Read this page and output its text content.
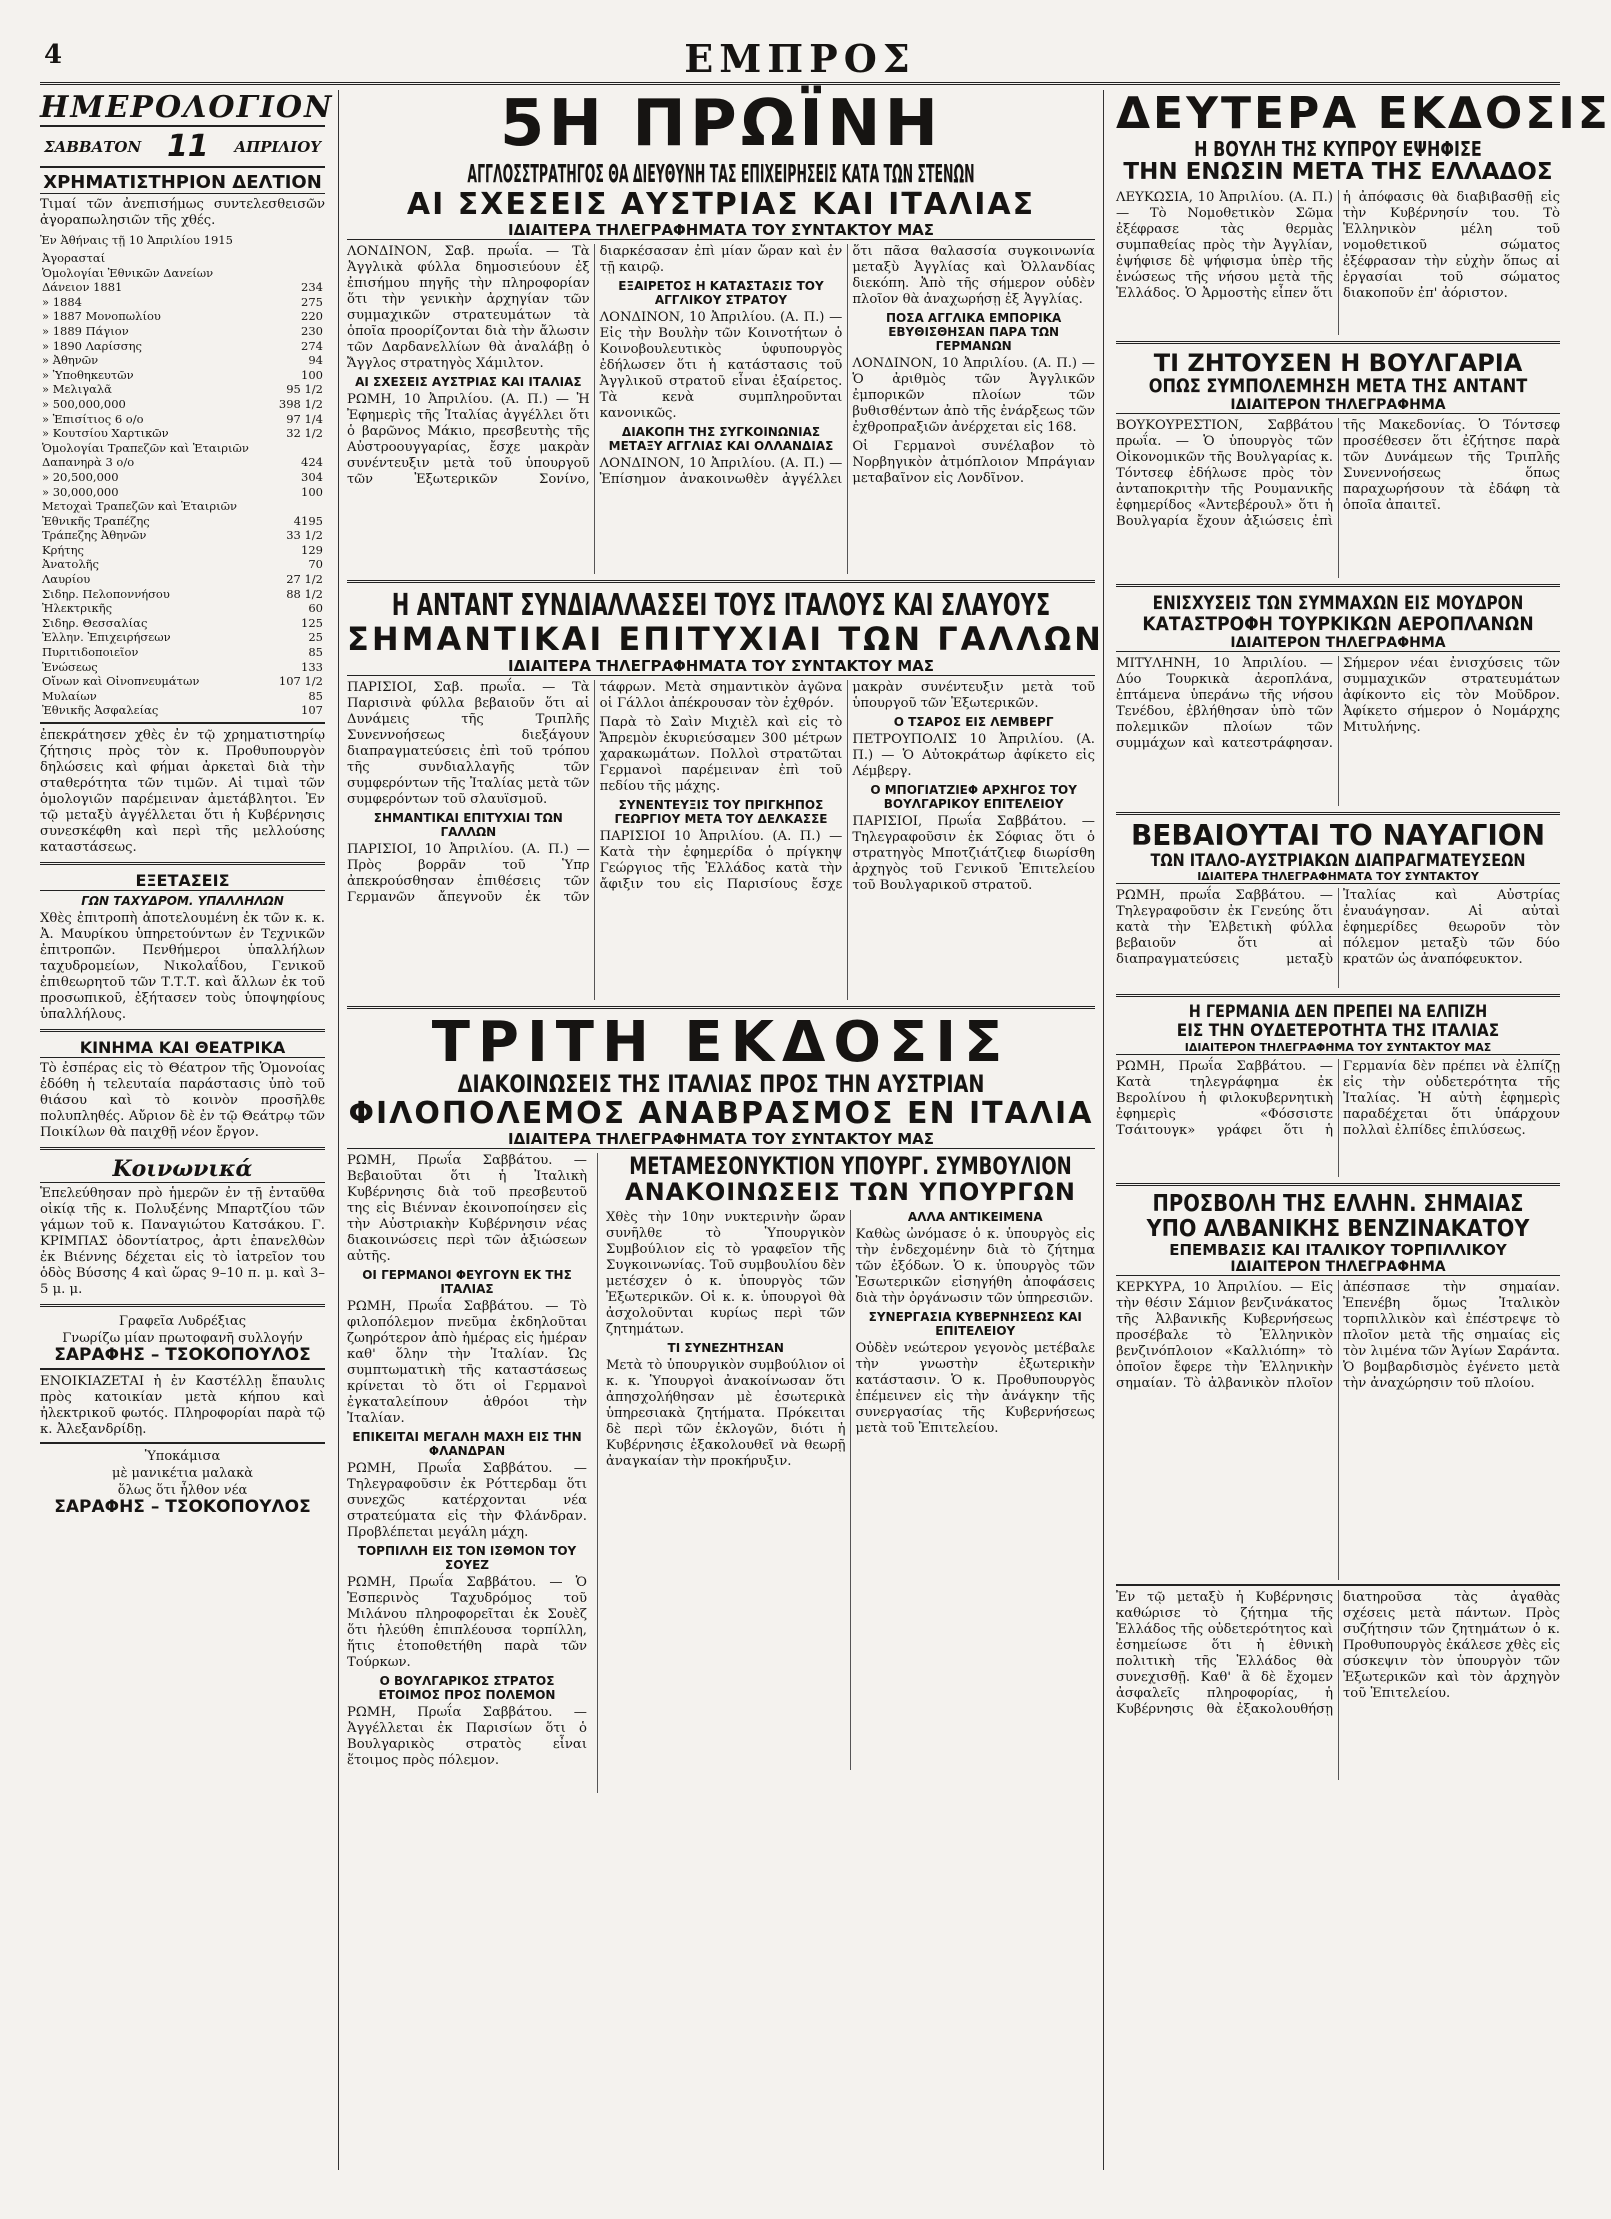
4	ΕΜΠΡΟΣ
ΗΜΕΡΟΛΟΓΙΟΝ
ΣΑΒΒΑΤΟΝ 11 ΑΠΡΙΛΙΟΥ
ΧΡΗΜΑΤΙΣΤΗΡΙΟΝ ΔΕΛΤΙΟΝ

Τιμαί τῶν ἀνεπισήμως συντελεσθεισῶν ἀγοραπωλησιῶν τῆς χθές.

Ἐν Ἀθήναις τῇ 10 Ἀπριλίου 1915

Ἀγορασταί	
Ὁμολογίαι Ἐθνικῶν Δανείων	
Δάνειον 1881	234
» 1884	275
» 1887 Μονοπωλίου	220
» 1889 Πάγιον	230
» 1890 Λαρίσσης	274
» Ἀθηνῶν	94
» Ὑποθηκευτῶν	100
» Μελιγαλᾶ	95 1/2
» 500,000,000	398 1/2
» Ἐπισίτιος 6 ο/ο	97 1/4
» Κουτσίου Χαρτικῶν	32 1/2
Ὁμολογίαι Τραπεζῶν καὶ Ἑταιριῶν	
Δαπανηρὰ 3 ο/ο	424
» 20,500,000	304
» 30,000,000	100
Μετοχαὶ Τραπεζῶν καὶ Ἑταιριῶν	
Ἐθνικῆς Τραπέζης	4195
Τράπεζης Ἀθηνῶν	33 1/2
Κρήτης	129
Ἀνατολῆς	70
Λαυρίου	27 1/2
Σιδηρ. Πελοποννήσου	88 1/2
Ἠλεκτρικῆς	60
Σιδηρ. Θεσσαλίας	125
Ἑλλην. Ἐπιχειρήσεων	25
Πυριτιδοποιεῖον	85
Ἑνώσεως	133
Οἴνων καὶ Οἰνοπνευμάτων	107 1/2
Μυλαίων	85
Ἐθνικῆς Ἀσφαλείας	107

ἐπεκράτησεν χθὲς ἐν τῷ χρηματιστηρίῳ ζήτησις πρὸς τὸν κ. Προθυπουργὸν δηλώσεις καὶ φήμαι ἀρκεταὶ διὰ τὴν σταθερότητα τῶν τιμῶν. Αἱ τιμαὶ τῶν ὁμολογιῶν παρέμειναν ἀμετάβλητοι. Ἐν τῷ μεταξὺ ἀγγέλλεται ὅτι ἡ Κυβέρνησις συνεσκέφθη καὶ περὶ τῆς μελλούσης καταστάσεως.

ΕΞΕΤΑΣΕΙΣ
ΓΩΝ ΤΑΧΥΔΡΟΜ. ΥΠΑΛΛΗΛΩΝ

Χθὲς ἐπιτροπὴ ἀποτελουμένη ἐκ τῶν κ. κ. Ἀ. Μαυρίκου ὑπηρετούντων ἐν Τεχνικῶν ἐπιτροπῶν. Πενθήμεροι ὑπαλλήλων ταχυδρομείων, Νικολαΐδου, Γενικοῦ ἐπιθεωρητοῦ τῶν Τ.Τ.Τ. καὶ ἄλλων ἐκ τοῦ προσωπικοῦ, ἐξήτασεν τοὺς ὑποψηφίους ὑπαλλήλους.

ΚΙΝΗΜΑ ΚΑΙ ΘΕΑΤΡΙΚΑ

Τὸ ἐσπέρας εἰς τὸ Θέατρον τῆς Ὁμονοίας ἐδόθη ἡ τελευταία παράστασις ὑπὸ τοῦ θιάσου καὶ τὸ κοινὸν προσῆλθε πολυπληθές. Αὔριον δὲ ἐν τῷ Θεάτρῳ τῶν Ποικίλων θὰ παιχθῇ νέον ἔργον.

Κοινωνικά

Ἑπελεύθησαν πρὸ ἡμερῶν ἐν τῇ ἐνταῦθα οἰκίᾳ τῆς κ. Πολυξένης Μπαρτζίου τῶν γάμων τοῦ κ. Παναγιώτου Κατσάκου. Γ. ΚΡΙΜΠΑΣ ὀδοντίατρος, ἀρτι ἐπανελθὼν ἐκ Βιέννης δέχεται εἰς τὸ ἰατρεῖον του ὁδὸς Βύσσης 4 καὶ ὥρας 9–10 π. μ. καὶ 3–5 μ. μ.

Γραφεῖα Λυδρέξιας
Γνωρίζω μίαν πρωτοφανῆ συλλογήν
ΣΑΡΑΦΗΣ – ΤΣΟΚΟΠΟΥΛΟΣ

ΕΝΟΙΚΙΑΖΕΤΑΙ ἡ ἐν Καστέλλῃ ἔπαυλις πρὸς κατοικίαν μετὰ κήπου καὶ ἠλεκτρικοῦ φωτός. Πληροφορίαι παρὰ τῷ κ. Ἀλεξανδρίδῃ.

Ὑποκάμισα
μὲ μανικέτια μαλακὰ
ὅλως ὅτι ἦλθον νέα
ΣΑΡΑΦΗΣ – ΤΣΟΚΟΠΟΥΛΟΣ
5Η ΠΡΩΪΝΗ
ΑΓΓΛΟΣΣΤΡΑΤΗΓΟΣ ΘΑ ΔΙΕΥΘΥΝΗ ΤΑΣ ΕΠΙΧΕΙΡΗΣΕΙΣ ΚΑΤΑ ΤΩΝ ΣΤΕΝΩΝ
ΑΙ ΣΧΕΣΕΙΣ ΑΥΣΤΡΙΑΣ ΚΑΙ ΙΤΑΛΙΑΣ
ΙΔΙΑΙΤΕΡΑ ΤΗΛΕΓΡΑΦΗΜΑΤΑ ΤΟΥ ΣΥΝΤΑΚΤΟΥ ΜΑΣ

ΛΟΝΔΙΝΟΝ, Σαβ. πρωΐα. — Τὰ Ἀγγλικὰ φύλλα δημοσιεύουν ἐξ ἐπισήμου πηγῆς τὴν πληροφορίαν ὅτι τὴν γενικὴν ἀρχηγίαν τῶν συμμαχικῶν στρατευμάτων τὰ ὁποῖα προορίζονται διὰ τὴν ἄλωσιν τῶν Δαρδανελλίων θὰ ἀναλάβῃ ὁ Ἄγγλος στρατηγὸς Χάμιλτον.

ΑΙ ΣΧΕΣΕΙΣ ΑΥΣΤΡΙΑΣ ΚΑΙ ΙΤΑΛΙΑΣ

ΡΩΜΗ, 10 Ἀπριλίου. (Α. Π.) — Ἡ Ἐφημερὶς τῆς Ἰταλίας ἀγγέλλει ὅτι ὁ βαρῶνος Μάκιο, πρεσβευτὴς τῆς Αὐστροουγγαρίας, ἔσχε μακρὰν συνέντευξιν μετὰ τοῦ ὑπουργοῦ τῶν Ἐξωτερικῶν Σονίνο, διαρκέσασαν ἐπὶ μίαν ὥραν καὶ ἐν τῇ καιρῷ.

ΕΞΑΙΡΕΤΟΣ Η ΚΑΤΑΣΤΑΣΙΣ ΤΟΥ ΑΓΓΛΙΚΟΥ ΣΤΡΑΤΟΥ

ΛΟΝΔΙΝΟΝ, 10 Ἀπριλίου. (Α. Π.) — Εἰς τὴν Βουλὴν τῶν Κοινοτήτων ὁ Κοινοβουλευτικὸς ὑφυπουργὸς ἐδήλωσεν ὅτι ἡ κατάστασις τοῦ Ἀγγλικοῦ στρατοῦ εἶναι ἐξαίρετος. Τὰ κενὰ συμπληροῦνται κανονικῶς.

ΔΙΑΚΟΠΗ ΤΗΣ ΣΥΓΚΟΙΝΩΝΙΑΣ ΜΕΤΑΞΥ ΑΓΓΛΙΑΣ ΚΑΙ ΟΛΛΑΝΔΙΑΣ

ΛΟΝΔΙΝΟΝ, 10 Ἀπριλίου. (Α. Π.) — Ἐπίσημον ἀνακοινωθὲν ἀγγέλλει ὅτι πᾶσα θαλασσία συγκοινωνία μεταξὺ Ἀγγλίας καὶ Ὀλλανδίας διεκόπη. Ἀπὸ τῆς σήμερον οὐδὲν πλοῖον θὰ ἀναχωρήσῃ ἐξ Ἀγγλίας.

ΠΟΣΑ ΑΓΓΛΙΚΑ ΕΜΠΟΡΙΚΑ ΕΒΥΘΙΣΘΗΣΑΝ ΠΑΡΑ ΤΩΝ ΓΕΡΜΑΝΩΝ

ΛΟΝΔΙΝΟΝ, 10 Ἀπριλίου. (Α. Π.) — Ὁ ἀριθμὸς τῶν Ἀγγλικῶν ἐμπορικῶν πλοίων τῶν βυθισθέντων ἀπὸ τῆς ἐνάρξεως τῶν ἐχθροπραξιῶν ἀνέρχεται εἰς 168.

Οἱ Γερμανοὶ συνέλαβον τὸ Νορβηγικὸν ἀτμόπλοιον Μπράγιαν μεταβαῖνον εἰς Λονδῖνον.

Η ΑΝΤΑΝΤ ΣΥΝΔΙΑΛΛΑΣΣΕΙ ΤΟΥΣ ΙΤΑΛΟΥΣ ΚΑΙ ΣΛΑΥΟΥΣ
ΣΗΜΑΝΤΙΚΑΙ ΕΠΙΤΥΧΙΑΙ ΤΩΝ ΓΑΛΛΩΝ
ΙΔΙΑΙΤΕΡΑ ΤΗΛΕΓΡΑΦΗΜΑΤΑ ΤΟΥ ΣΥΝΤΑΚΤΟΥ ΜΑΣ

ΠΑΡΙΣΙΟΙ, Σαβ. πρωΐα. — Τὰ Παρισινὰ φύλλα βεβαιοῦν ὅτι αἱ Δυνάμεις τῆς Τριπλῆς Συνεννοήσεως διεξάγουν διαπραγματεύσεις ἐπὶ τοῦ τρόπου τῆς συνδιαλλαγῆς τῶν συμφερόντων τῆς Ἰταλίας μετὰ τῶν συμφερόντων τοῦ σλαυϊσμοῦ.

ΣΗΜΑΝΤΙΚΑΙ ΕΠΙΤΥΧΙΑΙ ΤΩΝ ΓΑΛΛΩΝ

ΠΑΡΙΣΙΟΙ, 10 Ἀπριλίου. (Α. Π.) — Πρὸς βορρᾶν τοῦ Ὑπρ ἀπεκρούσθησαν ἐπιθέσεις τῶν Γερμανῶν ἄπεγνοῦν ἐκ τῶν τάφρων. Μετὰ σημαντικὸν ἀγῶνα οἱ Γάλλοι ἀπέκρουσαν τὸν ἐχθρόν.

Παρὰ τὸ Σαὶν Μιχιὲλ καὶ εἰς τὸ Ἄπρεμὸν ἐκυριεύσαμεν 300 μέτρων χαρακωμάτων. Πολλοὶ στρατῶται Γερμανοὶ παρέμειναν ἐπὶ τοῦ πεδίου τῆς μάχης.

ΣΥΝΕΝΤΕΥΞΙΣ ΤΟΥ ΠΡΙΓΚΗΠΟΣ ΓΕΩΡΓΙΟΥ ΜΕΤΑ ΤΟΥ ΔΕΛΚΑΣΣΕ

ΠΑΡΙΣΙΟΙ 10 Ἀπριλίου. (Α. Π.) — Κατὰ τὴν ἐφημερίδα ὁ πρίγκηψ Γεώργιος τῆς Ἑλλάδος κατὰ τὴν ἄφιξιν του εἰς Παρισίους ἔσχε μακρὰν συνέντευξιν μετὰ τοῦ ὑπουργοῦ τῶν Ἐξωτερικῶν.

Ο ΤΣΑΡΟΣ ΕΙΣ ΛΕΜΒΕΡΓ

ΠΕΤΡΟΥΠΟΛΙΣ 10 Ἀπριλίου. (Α. Π.) — Ὁ Αὐτοκράτωρ ἀφίκετο εἰς Λέμβεργ.

Ο ΜΠΟΓΙΑΤΖΙΕΦ ΑΡΧΗΓΟΣ ΤΟΥ ΒΟΥΛΓΑΡΙΚΟΥ ΕΠΙΤΕΛΕΙΟΥ

ΠΑΡΙΣΙΟΙ, Πρωΐα Σαββάτου. — Τηλεγραφοῦσιν ἐκ Σόφιας ὅτι ὁ στρατηγὸς Μποτζιάτζιεφ διωρίσθη ἀρχηγὸς τοῦ Γενικοῦ Ἐπιτελείου τοῦ Βουλγαρικοῦ στρατοῦ.

ΤΡΙΤΗ ΕΚΔΟΣΙΣ
ΔΙΑΚΟΙΝΩΣΕΙΣ ΤΗΣ ΙΤΑΛΙΑΣ ΠΡΟΣ ΤΗΝ ΑΥΣΤΡΙΑΝ
ΦΙΛΟΠΟΛΕΜΟΣ ΑΝΑΒΡΑΣΜΟΣ ΕΝ ΙΤΑΛΙΑ
ΙΔΙΑΙΤΕΡΑ ΤΗΛΕΓΡΑΦΗΜΑΤΑ ΤΟΥ ΣΥΝΤΑΚΤΟΥ ΜΑΣ

ΡΩΜΗ, Πρωΐα Σαββάτου. — Βεβαιοῦται ὅτι ἡ Ἰταλικὴ Κυβέρνησις διὰ τοῦ πρεσβευτοῦ της εἰς Βιένναν ἐκοινοποίησεν εἰς τὴν Αὐστριακὴν Κυβέρνησιν νέας διακοινώσεις περὶ τῶν ἀξιώσεων αὐτῆς.

ΟΙ ΓΕΡΜΑΝΟΙ ΦΕΥΓΟΥΝ ΕΚ ΤΗΣ ΙΤΑΛΙΑΣ

ΡΩΜΗ, Πρωΐα Σαββάτου. — Τὸ φιλοπόλεμον πνεῦμα ἐκδηλοῦται ζωηρότερον ἀπὸ ἡμέρας εἰς ἡμέραν καθ' ὅλην τὴν Ἰταλίαν. Ὡς συμπτωματικὴ τῆς καταστάσεως κρίνεται τὸ ὅτι οἱ Γερμανοὶ ἐγκαταλείπουν ἀθρόοι τὴν Ἰταλίαν.

ΕΠΙΚΕΙΤΑΙ ΜΕΓΑΛΗ ΜΑΧΗ ΕΙΣ ΤΗΝ ΦΛΑΝΔΡΑΝ

ΡΩΜΗ, Πρωΐα Σαββάτου. — Τηλεγραφοῦσιν ἐκ Ρόττερδαμ ὅτι συνεχῶς κατέρχονται νέα στρατεύματα εἰς τὴν Φλάνδραν. Προβλέπεται μεγάλη μάχη.

ΤΟΡΠΙΛΛΗ ΕΙΣ ΤΟΝ ΙΣΘΜΟΝ ΤΟΥ ΣΟΥΕΖ

ΡΩΜΗ, Πρωΐα Σαββάτου. — Ὁ Ἑσπερινὸς Ταχυδρόμος τοῦ Μιλάνου πληροφορεῖται ἐκ Σουὲζ ὅτι ἠλεύθη ἐπιπλέουσα τορπίλλη, ἥτις ἐτοποθετήθη παρὰ τῶν Τούρκων.

Ο ΒΟΥΛΓΑΡΙΚΟΣ ΣΤΡΑΤΟΣ ΕΤΟΙΜΟΣ ΠΡΟΣ ΠΟΛΕΜΟΝ

ΡΩΜΗ, Πρωΐα Σαββάτου. — Ἀγγέλλεται ἐκ Παρισίων ὅτι ὁ Βουλγαρικὸς στρατὸς εἶναι ἕτοιμος πρὸς πόλεμον.

ΜΕΤΑΜΕΣΟΝΥΚΤΙΟΝ ΥΠΟΥΡΓ. ΣΥΜΒΟΥΛΙΟΝ
ΑΝΑΚΟΙΝΩΣΕΙΣ ΤΩΝ ΥΠΟΥΡΓΩΝ

Χθὲς τὴν 10ην νυκτερινὴν ὥραν συνῆλθε τὸ Ὑπουργικὸν Συμβούλιον εἰς τὸ γραφεῖον τῆς Συγκοινωνίας. Τοῦ συμβουλίου δὲν μετέσχεν ὁ κ. ὑπουργὸς τῶν Ἐξωτερικῶν. Οἱ κ. κ. ὑπουργοὶ θὰ ἀσχολοῦνται κυρίως περὶ τῶν ζητημάτων.

ΤΙ ΣΥΝΕΖΗΤΗΣΑΝ

Μετὰ τὸ ὑπουργικὸν συμβούλιον οἱ κ. κ. Ὑπουργοὶ ἀνακοίνωσαν ὅτι ἀπησχολήθησαν μὲ ἐσωτερικὰ ὑπηρεσιακὰ ζητήματα. Πρόκειται δὲ περὶ τῶν ἐκλογῶν, διότι ἡ Κυβέρνησις ἐξακολουθεῖ νὰ θεωρῇ ἀναγκαίαν τὴν προκήρυξιν.

ΑΛΛΑ ΑΝΤΙΚΕΙΜΕΝΑ

Καθὼς ὠνόμασε ὁ κ. ὑπουργὸς εἰς τὴν ἐνδεχομένην διὰ τὸ ζήτημα τῶν ἐξόδων. Ὁ κ. ὑπουργὸς τῶν Ἐσωτερικῶν εἰσηγήθη ἀποφάσεις διὰ τὴν ὀργάνωσιν τῶν ὑπηρεσιῶν.

ΣΥΝΕΡΓΑΣΙΑ ΚΥΒΕΡΝΗΣΕΩΣ ΚΑΙ ΕΠΙΤΕΛΕΙΟΥ

Οὐδὲν νεώτερον γεγονὸς μετέβαλε τὴν γνωστὴν ἐξωτερικὴν κατάστασιν. Ὁ κ. Προθυπουργὸς ἐπέμεινεν εἰς τὴν ἀνάγκην τῆς συνεργασίας τῆς Κυβερνήσεως μετὰ τοῦ Ἐπιτελείου.

ΔΕΥΤΕΡΑ ΕΚΔΟΣΙΣ
Η ΒΟΥΛΗ ΤΗΣ ΚΥΠΡΟΥ ΕΨΗΦΙΣΕ
ΤΗΝ ΕΝΩΣΙΝ ΜΕΤΑ ΤΗΣ ΕΛΛΑΔΟΣ

ΛΕΥΚΩΣΙΑ, 10 Ἀπριλίου. (Α. Π.) — Τὸ Νομοθετικὸν Σῶμα ἐξέφρασε τὰς θερμὰς συμπαθείας πρὸς τὴν Ἀγγλίαν, ἐψήφισε δὲ ψήφισμα ὑπὲρ τῆς ἑνώσεως τῆς νήσου μετὰ τῆς Ἑλλάδος. Ὁ Ἀρμοστὴς εἶπεν ὅτι ἡ ἀπόφασις θὰ διαβιβασθῇ εἰς τὴν Κυβέρνησίν του. Τὸ Ἑλληνικὸν μέλη τοῦ νομοθετικοῦ σώματος ἐξέφρασαν τὴν εὐχὴν ὅπως αἱ ἐργασίαι τοῦ σώματος διακοποῦν ἐπ' ἀόριστον.

ΤΙ ΖΗΤΟΥΣΕΝ Η ΒΟΥΛΓΑΡΙΑ
ΟΠΩΣ ΣΥΜΠΟΛΕΜΗΣΗ ΜΕΤΑ ΤΗΣ ΑΝΤΑΝΤ
ΙΔΙΑΙΤΕΡΟΝ ΤΗΛΕΓΡΑΦΗΜΑ

ΒΟΥΚΟΥΡΕΣΤΙΟΝ, Σαββάτου πρωΐα. — Ὁ ὑπουργὸς τῶν Οἰκονομικῶν τῆς Βουλγαρίας κ. Τόντσεφ ἐδήλωσε πρὸς τὸν ἀνταποκριτὴν τῆς Ρουμανικῆς ἐφημερίδος «Ἀντεβέρουλ» ὅτι ἡ Βουλγαρία ἔχουν ἀξιώσεις ἐπὶ τῆς Μακεδονίας. Ὁ Τόντσεφ προσέθεσεν ὅτι ἐζήτησε παρὰ τῶν Δυνάμεων τῆς Τριπλῆς Συνεννοήσεως ὅπως παραχωρήσουν τὰ ἐδάφη τὰ ὁποῖα ἀπαιτεῖ.

ΕΝΙΣΧΥΣΕΙΣ ΤΩΝ ΣΥΜΜΑΧΩΝ ΕΙΣ ΜΟΥΔΡΟΝ
ΚΑΤΑΣΤΡΟΦΗ ΤΟΥΡΚΙΚΩΝ ΑΕΡΟΠΛΑΝΩΝ
ΙΔΙΑΙΤΕΡΟΝ ΤΗΛΕΓΡΑΦΗΜΑ

ΜΙΤΥΛΗΝΗ, 10 Ἀπριλίου. — Δύο Τουρκικὰ ἀεροπλάνα, ἐπτάμενα ὑπεράνω τῆς νήσου Τενέδου, ἐβλήθησαν ὑπὸ τῶν πολεμικῶν πλοίων τῶν συμμάχων καὶ κατεστράφησαν. Σήμερον νέαι ἐνισχύσεις τῶν συμμαχικῶν στρατευμάτων ἀφίκοντο εἰς τὸν Μοῦδρον. Ἀφίκετο σήμερον ὁ Νομάρχης Μιτυλήνης.

ΒΕΒΑΙΟΥΤΑΙ ΤΟ ΝΑΥΑΓΙΟΝ
ΤΩΝ ΙΤΑΛΟ-ΑΥΣΤΡΙΑΚΩΝ ΔΙΑΠΡΑΓΜΑΤΕΥΣΕΩΝ
ΙΔΙΑΙΤΕΡΑ ΤΗΛΕΓΡΑΦΗΜΑΤΑ ΤΟΥ ΣΥΝΤΑΚΤΟΥ

ΡΩΜΗ, πρωΐα Σαββάτου. — Τηλεγραφοῦσιν ἐκ Γενεύης ὅτι κατὰ τὴν Ἑλβετικὴ φύλλα βεβαιοῦν ὅτι αἱ διαπραγματεύσεις μεταξὺ Ἰταλίας καὶ Αὐστρίας ἐναυάγησαν. Αἱ αὐταὶ ἐφημερίδες θεωροῦν τὸν πόλεμον μεταξὺ τῶν δύο κρατῶν ὡς ἀναπόφευκτον.

Η ΓΕΡΜΑΝΙΑ ΔΕΝ ΠΡΕΠΕΙ ΝΑ ΕΛΠΙΖΗ
ΕΙΣ ΤΗΝ ΟΥΔΕΤΕΡΟΤΗΤΑ ΤΗΣ ΙΤΑΛΙΑΣ
ΙΔΙΑΙΤΕΡΟΝ ΤΗΛΕΓΡΑΦΗΜΑ ΤΟΥ ΣΥΝΤΑΚΤΟΥ ΜΑΣ

ΡΩΜΗ, Πρωΐα Σαββάτου. — Κατὰ τηλεγράφημα ἐκ Βερολίνου ἡ φιλοκυβερνητικὴ ἐφημερὶς «Φόσσιστε Τσάιτουγκ» γράφει ὅτι ἡ Γερμανία δὲν πρέπει νὰ ἐλπίζῃ εἰς τὴν οὐδετερότητα τῆς Ἰταλίας. Ἡ αὐτὴ ἐφημερὶς παραδέχεται ὅτι ὑπάρχουν πολλαὶ ἐλπίδες ἐπιλύσεως.

ΠΡΟΣΒΟΛΗ ΤΗΣ ΕΛΛΗΝ. ΣΗΜΑΙΑΣ
ΥΠΟ ΑΛΒΑΝΙΚΗΣ ΒΕΝΖΙΝΑΚΑΤΟΥ
ΕΠΕΜΒΑΣΙΣ ΚΑΙ ΙΤΑΛΙΚΟΥ ΤΟΡΠΙΛΛΙΚΟΥ
ΙΔΙΑΙΤΕΡΟΝ ΤΗΛΕΓΡΑΦΗΜΑ

ΚΕΡΚΥΡΑ, 10 Ἀπριλίου. — Εἰς τὴν θέσιν Σάμιον βενζινάκατος τῆς Ἀλβανικῆς Κυβερνήσεως προσέβαλε τὸ Ἑλληνικὸν βενζινόπλοιον «Καλλιόπη» τὸ ὁποῖον ἔφερε τὴν Ἑλληνικὴν σημαίαν. Τὸ ἀλβανικὸν πλοῖον ἀπέσπασε τὴν σημαίαν. Ἐπενέβη ὅμως Ἰταλικὸν τορπιλλικὸν καὶ ἐπέστρεψε τὸ πλοῖον μετὰ τῆς σημαίας εἰς τὸν λιμένα τῶν Ἁγίων Σαράντα. Ὁ βομβαρδισμὸς ἐγένετο μετὰ τὴν ἀναχώρησιν τοῦ πλοίου.

Ἐν τῷ μεταξὺ ἡ Κυβέρνησις καθώρισε τὸ ζήτημα τῆς Ἑλλάδος τῆς οὐδετερότητος καὶ ἐσημείωσε ὅτι ἡ ἐθνικὴ πολιτικὴ τῆς Ἑλλάδος θὰ συνεχισθῇ. Καθ' ἃ δὲ ἔχομεν ἀσφαλεῖς πληροφορίας, ἡ Κυβέρνησις θὰ ἐξακολουθήσῃ διατηροῦσα τὰς ἀγαθὰς σχέσεις μετὰ πάντων. Πρὸς συζήτησιν τῶν ζητημάτων ὁ κ. Προθυπουργὸς ἐκάλεσε χθὲς εἰς σύσκεψιν τὸν ὑπουργὸν τῶν Ἐξωτερικῶν καὶ τὸν ἀρχηγὸν τοῦ Ἐπιτελείου.
